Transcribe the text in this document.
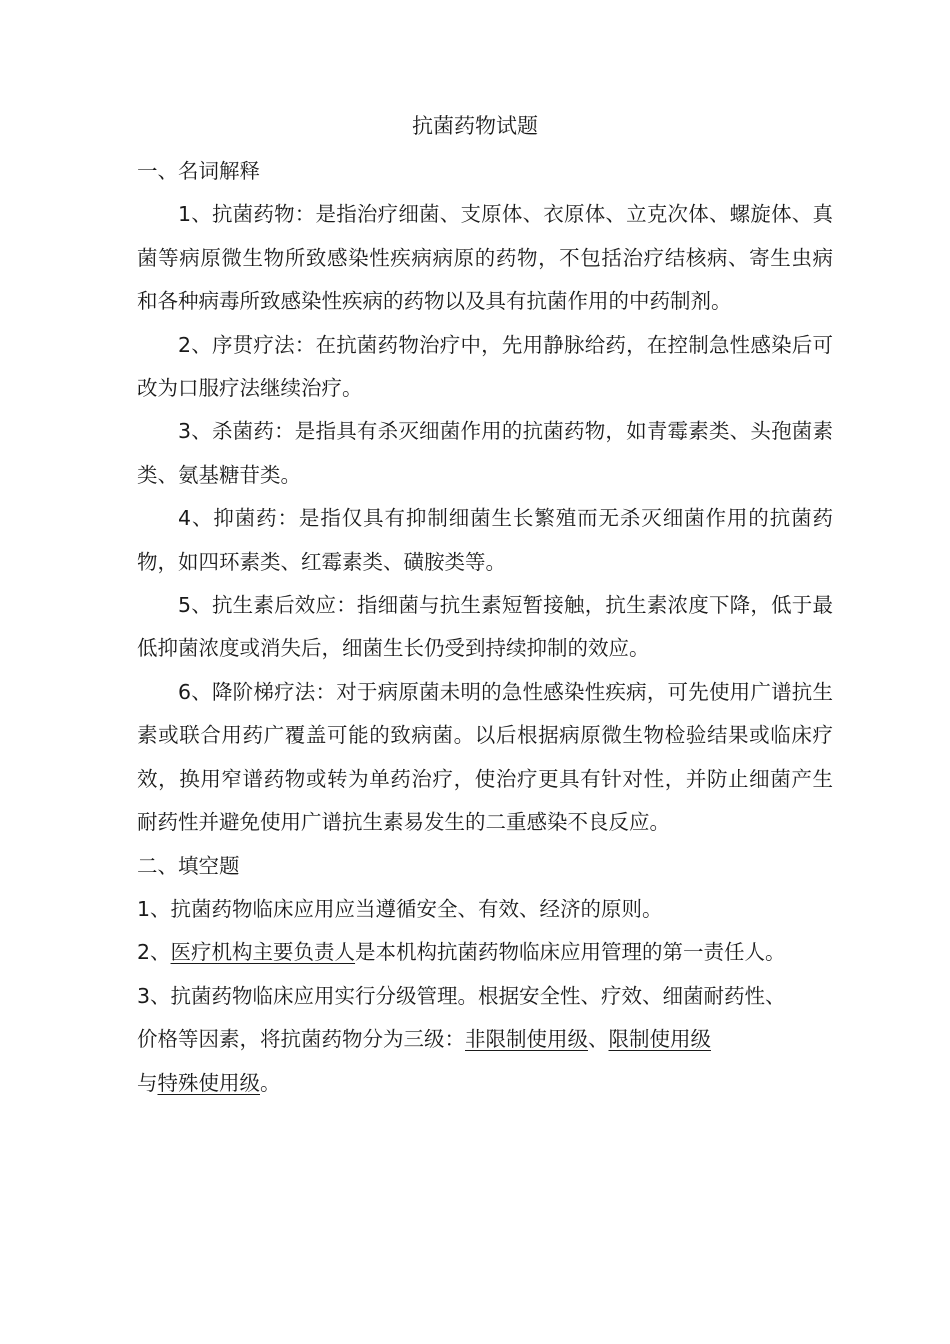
抗菌药物试题
一、名词解释
1、抗菌药物：是指治疗细菌、支原体、衣原体、立克次体、螺旋体、真菌等病原微生物所致感染性疾病病原的药物，不包括治疗结核病、寄生虫病和各种病毒所致感染性疾病的药物以及具有抗菌作用的中药制剂。
2、序贯疗法：在抗菌药物治疗中，先用静脉给药，在控制急性感染后可改为口服疗法继续治疗。
3、杀菌药：是指具有杀灭细菌作用的抗菌药物，如青霉素类、头孢菌素类、氨基糖苷类。
4、抑菌药：是指仅具有抑制细菌生长繁殖而无杀灭细菌作用的抗菌药物，如四环素类、红霉素类、磺胺类等。
5、抗生素后效应：指细菌与抗生素短暂接触，抗生素浓度下降，低于最低抑菌浓度或消失后，细菌生长仍受到持续抑制的效应。
6、降阶梯疗法：对于病原菌未明的急性感染性疾病，可先使用广谱抗生素或联合用药广覆盖可能的致病菌。以后根据病原微生物检验结果或临床疗效，换用窄谱药物或转为单药治疗，使治疗更具有针对性，并防止细菌产生耐药性并避免使用广谱抗生素易发生的二重感染不良反应。
二、填空题
1、抗菌药物临床应用应当遵循安全、有效、经济的原则。
2、医疗机构主要负责人是本机构抗菌药物临床应用管理的第一责任人。
3、抗菌药物临床应用实行分级管理。根据安全性、疗效、细菌耐药性、
价格等因素，将抗菌药物分为三级：非限制使用级、限制使用级
与特殊使用级。
